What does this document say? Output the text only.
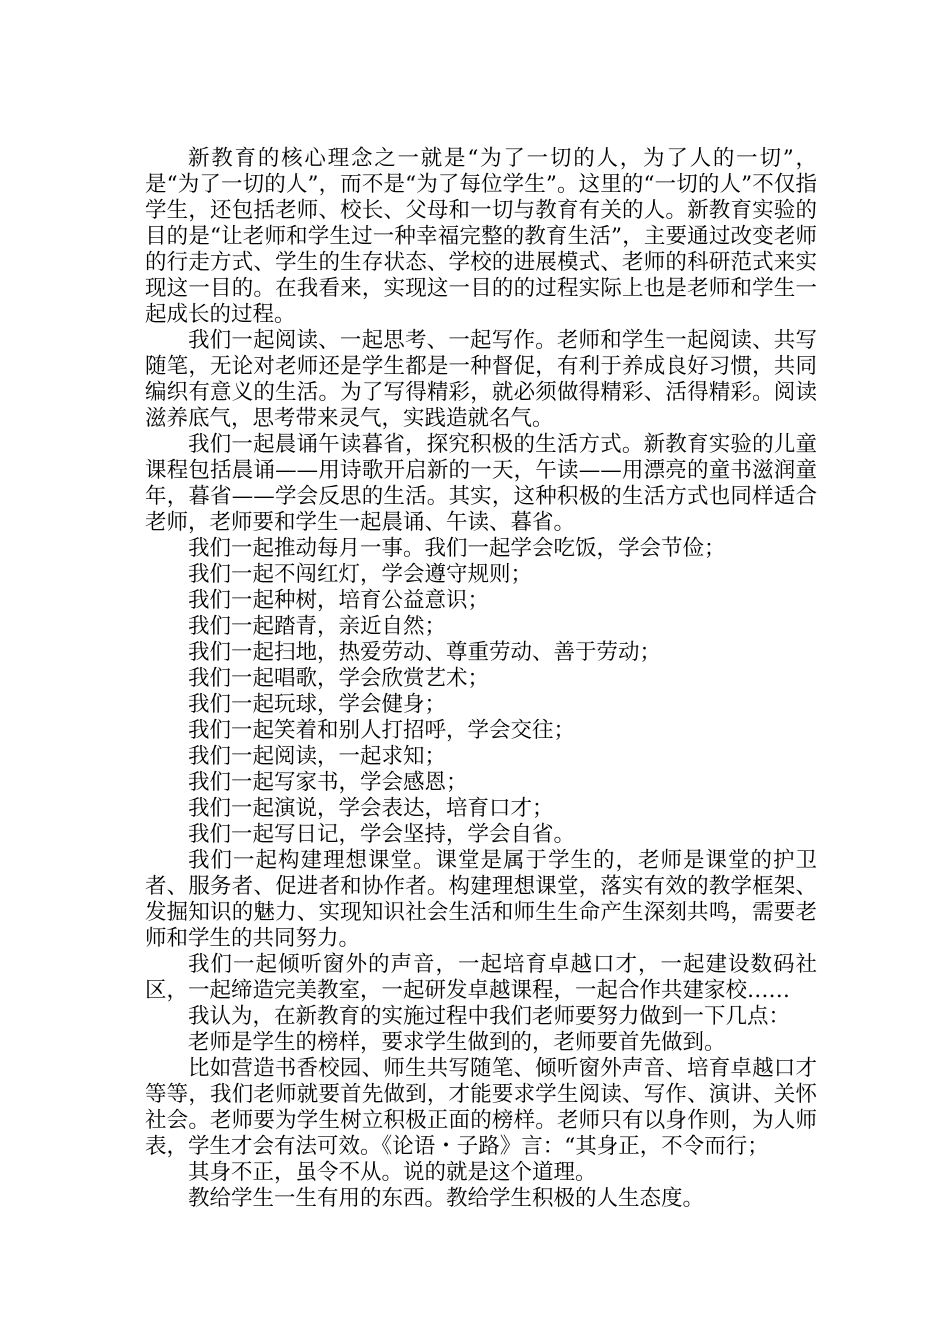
新教育的核心理念之一就是“为了一切的人，为了人的一切”，是“为了一切的人”，而不是“为了每位学生”。这里的“一切的人”不仅指学生，还包括老师、校长、父母和一切与教育有关的人。新教育实验的目的是“让老师和学生过一种幸福完整的教育生活”，主要通过改变老师的行走方式、学生的生存状态、学校的进展模式、老师的科研范式来实现这一目的。在我看来，实现这一目的的过程实际上也是老师和学生一起成长的过程。

我们一起阅读、一起思考、一起写作。老师和学生一起阅读、共写随笔，无论对老师还是学生都是一种督促，有利于养成良好习惯，共同编织有意义的生活。为了写得精彩，就必须做得精彩、活得精彩。阅读滋养底气，思考带来灵气，实践造就名气。

我们一起晨诵午读暮省，探究积极的生活方式。新教育实验的儿童课程包括晨诵——用诗歌开启新的一天，午读——用漂亮的童书滋润童年，暮省——学会反思的生活。其实，这种积极的生活方式也同样适合老师，老师要和学生一起晨诵、午读、暮省。

我们一起推动每月一事。我们一起学会吃饭，学会节俭；

我们一起不闯红灯，学会遵守规则；

我们一起种树，培育公益意识；

我们一起踏青，亲近自然；

我们一起扫地，热爱劳动、尊重劳动、善于劳动；

我们一起唱歌，学会欣赏艺术；

我们一起玩球，学会健身；

我们一起笑着和别人打招呼，学会交往；

我们一起阅读，一起求知；

我们一起写家书，学会感恩；

我们一起演说，学会表达，培育口才；

我们一起写日记，学会坚持，学会自省。

我们一起构建理想课堂。课堂是属于学生的，老师是课堂的护卫者、服务者、促进者和协作者。构建理想课堂，落实有效的教学框架、发掘知识的魅力、实现知识社会生活和师生生命产生深刻共鸣，需要老师和学生的共同努力。

我们一起倾听窗外的声音，一起培育卓越口才，一起建设数码社区，一起缔造完美教室，一起研发卓越课程，一起合作共建家校……

我认为，在新教育的实施过程中我们老师要努力做到一下几点：

老师是学生的榜样，要求学生做到的，老师要首先做到。

比如营造书香校园、师生共写随笔、倾听窗外声音、培育卓越口才等等，我们老师就要首先做到，才能要求学生阅读、写作、演讲、关怀社会。老师要为学生树立积极正面的榜样。老师只有以身作则，为人师表，学生才会有法可效。《论语・子路》言：“其身正，不令而行；

其身不正，虽令不从。说的就是这个道理。

教给学生一生有用的东西。教给学生积极的人生态度。
